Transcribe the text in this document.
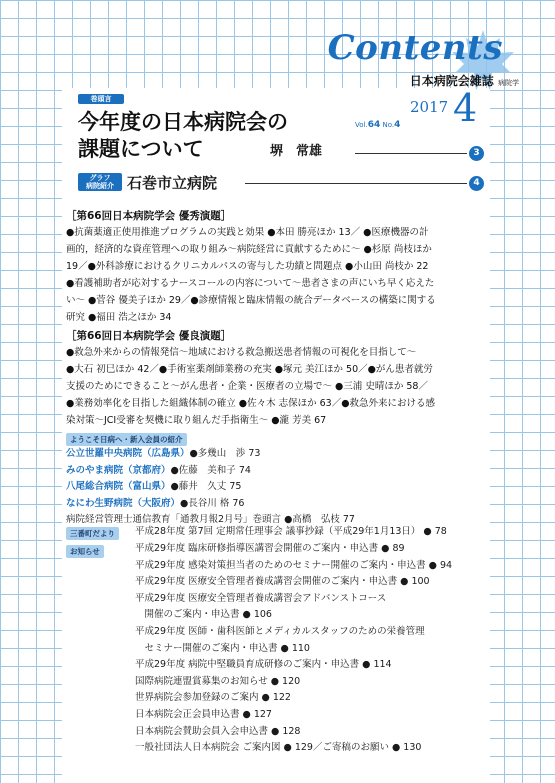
Contents
日本病院会雑誌 病院学
2017 4
Vol.64 No.4
巻頭言
今年度の日本病院会の
課題について	堺　常雄	3
グラフ
病院紹介 石巻市立病院	4
［第66回日本病院学会 優秀演題］
●抗菌薬適正使用推進プログラムの実践と効果 ●本田 勝亮ほか 13／ ●医療機器の計
画的，経済的な資産管理への取り組み～病院経営に貢献するために～ ●杉原 尚枝ほか
19／●外科診療におけるクリニカルパスの寄与した功績と問題点 ●小山田 尚枝か 22
●看護補助者が応対するナースコールの内容について～患者さまの声にいち早く応えた
い～ ●菅谷 優美子ほか 29／●診療情報と臨床情報の統合データベースの構築に関する
研究 ●福田 浩之ほか 34
［第66回日本病院学会 優良演題］
●救急外来からの情報発信～地域における救急搬送患者情報の可視化を目指して～
●大石 初巳ほか 42／●手術室薬剤師業務の充実 ●塚元 美江ほか 50／●がん患者就労
支援のためにできること～がん患者・企業・医療者の立場で～ ●三浦 史晴ほか 58／
●業務効率化を目指した組織体制の確立 ●佐々木 志保ほか 63／●救急外来における感
染対策～JCI受審を契機に取り組んだ手指衛生～ ●瀧 芳美 67
ようこそ日病へ・新入会員の紹介
公立世羅中央病院（広島県）●多幾山　渉 73
みのやま病院（京都府）●佐藤　美和子 74
八尾総合病院（富山県）●藤井　久丈 75
なにわ生野病院（大阪府）●長谷川 格 76
病院経営管理士通信教育「通教月報2月号」巻頭言 ●高橋　弘枝 77
三番町だより	平成28年度 第7回 定期常任理事会 議事抄録（平成29年1月13日） ● 78
お知らせ	平成29年度 臨床研修指導医講習会開催のご案内・申込書 ● 89
平成29年度 感染対策担当者のためのセミナー開催のご案内・申込書 ● 94
平成29年度 医療安全管理者養成講習会開催のご案内・申込書 ● 100
平成29年度 医療安全管理者養成講習会アドバンストコース
　開催のご案内・申込書 ● 106
平成29年度 医師・歯科医師とメディカルスタッフのための栄養管理
　セミナー開催のご案内・申込書 ● 110
平成29年度 病院中堅職員育成研修のご案内・申込書 ● 114
国際病院連盟賞募集のお知らせ ● 120
世界病院会参加登録のご案内 ● 122
日本病院会正会員申込書 ● 127
日本病院会賛助会員入会申込書 ● 128
一般社団法人日本病院会 ご案内図 ● 129／ご寄稿のお願い ● 130
